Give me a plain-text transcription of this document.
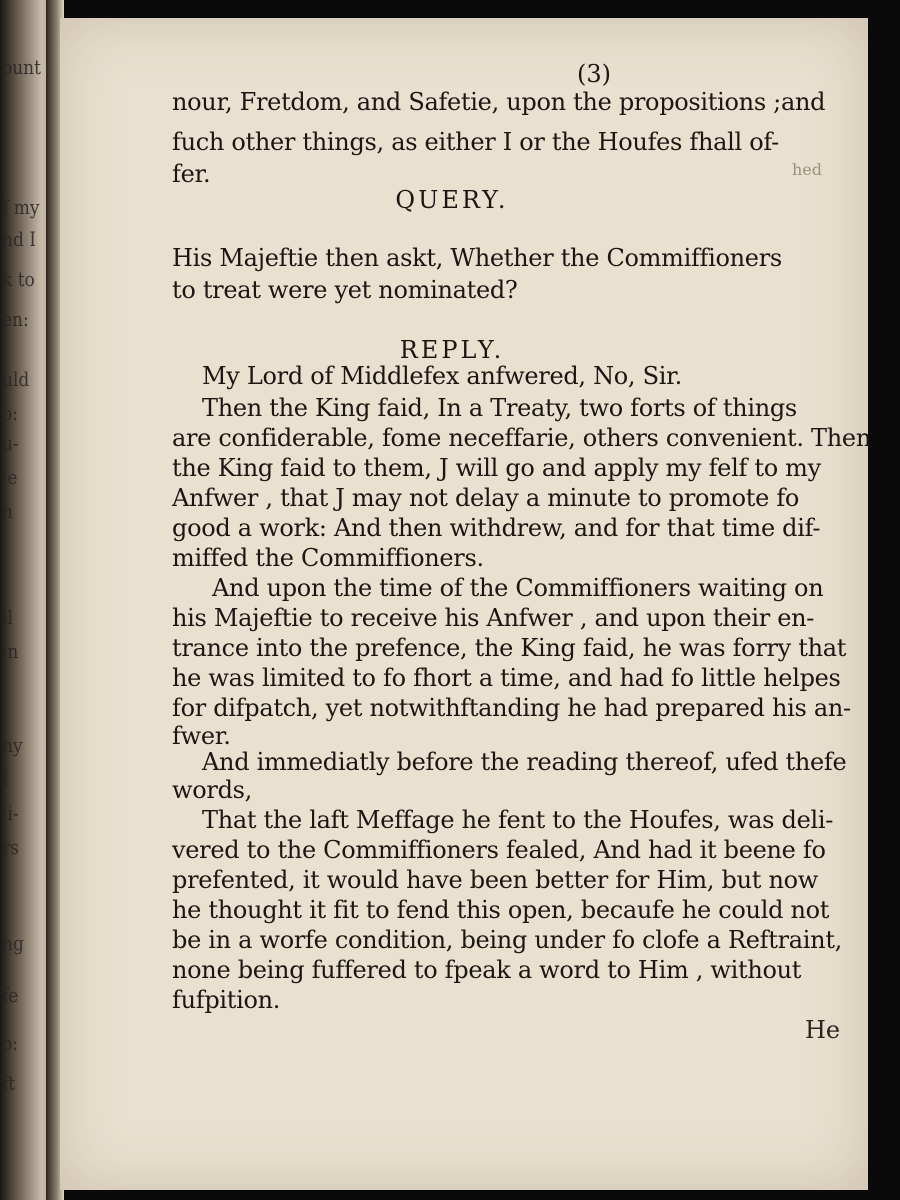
ount
f my
nd I
k to
en:
uld
o:
u-
le
n
:
ll
in
ny
I
li-
rs
ng
fe
o:
ft
(3)
nour, Fretdom, and Safetie, upon the propositions ;and
fuch other things, as either I or the Houfes fhall of-
fer.	hed
QUERY.
His Majeftie then askt, Whether the Commiffioners
to treat were yet nominated?
REPLY.
My Lord of Middlefex anfwered, No, Sir.
Then the King faid, In a Treaty, two forts of things
are confiderable, fome neceffarie, others convenient. Then
the King faid to them, J will go and apply my felf to my
Anfwer , that J may not delay a minute to promote fo
good a work: And then withdrew, and for that time dif-
miffed the Commiffioners.
And upon the time of the Commiffioners waiting on
his Majeftie to receive his Anfwer , and upon their en-
trance into the prefence, the King faid, he was forry that
he was limited to fo fhort a time, and had fo little helpes
for difpatch, yet notwithftanding he had prepared his an-
fwer.
And immediatly before the reading thereof, ufed thefe
words,
That the laft Meffage he fent to the Houfes, was deli-
vered to the Commiffioners fealed, And had it beene fo
prefented, it would have been better for Him, but now
he thought it fit to fend this open, becaufe he could not
be in a worfe condition, being under fo clofe a Reftraint,
none being fuffered to fpeak a word to Him , without
fufpition.
He
